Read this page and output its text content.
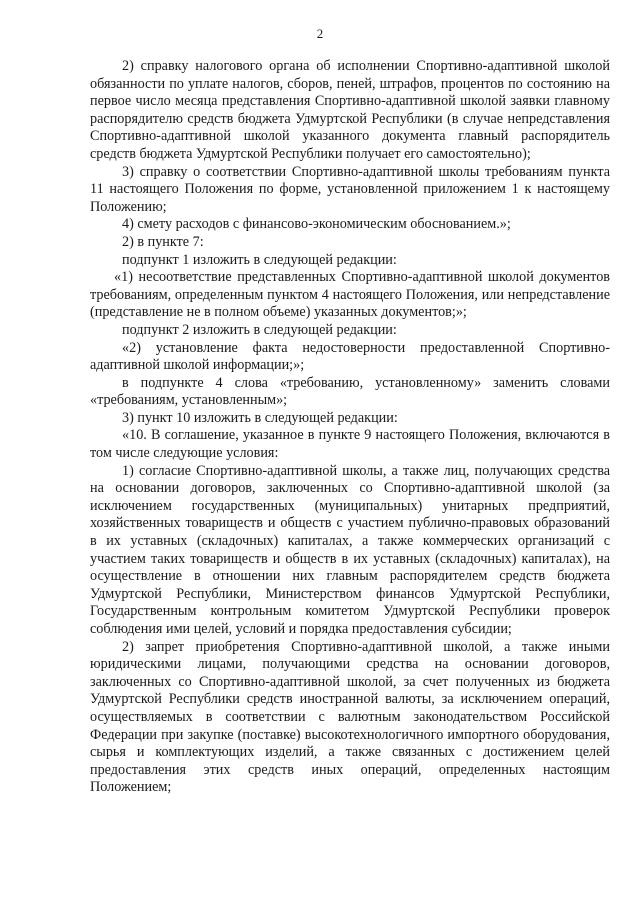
2

2) справку налогового органа об исполнении Спортивно-адаптивной школой обязанности по уплате налогов, сборов, пеней, штрафов, процентов по состоянию на первое число месяца представления Спортивно-адаптивной школой заявки главному распорядителю средств бюджета Удмуртской Республики (в случае непредставления Спортивно-адаптивной школой указанного документа главный распорядитель средств бюджета Удмуртской Республики получает его самостоятельно);

3) справку о соответствии Спортивно-адаптивной школы требованиям пункта 11 настоящего Положения по форме, установленной приложением 1 к настоящему Положению;

4) смету расходов с финансово-экономическим обоснованием.»;

2) в пункте 7:

подпункт 1 изложить в следующей редакции:

«1) несоответствие представленных Спортивно-адаптивной школой документов требованиям, определенным пунктом 4 настоящего Положения, или непредставление (представление не в полном объеме) указанных документов;»;

подпункт 2 изложить в следующей редакции:

«2) установление факта недостоверности предоставленной Спортивно-адаптивной школой информации;»;

в подпункте 4 слова «требованию, установленному» заменить словами «требованиям, установленным»;

3) пункт 10 изложить в следующей редакции:

«10. В соглашение, указанное в пункте 9 настоящего Положения, включаются в том числе следующие условия:

1) согласие Спортивно-адаптивной школы, а также лиц, получающих средства на основании договоров, заключенных со Спортивно-адаптивной школой (за исключением государственных (муниципальных) унитарных предприятий, хозяйственных товариществ и обществ с участием публично-правовых образований в их уставных (складочных) капиталах, а также коммерческих организаций с участием таких товариществ и обществ в их уставных (складочных) капиталах), на осуществление в отношении них главным распорядителем средств бюджета Удмуртской Республики, Министерством финансов Удмуртской Республики, Государственным контрольным комитетом Удмуртской Республики проверок соблюдения ими целей, условий и порядка предоставления субсидии;

2) запрет приобретения Спортивно-адаптивной школой, а также иными юридическими лицами, получающими средства на основании договоров, заключенных со Спортивно-адаптивной школой, за счет полученных из бюджета Удмуртской Республики средств иностранной валюты, за исключением операций, осуществляемых в соответствии с валютным законодательством Российской Федерации при закупке (поставке) высокотехнологичного импортного оборудования, сырья и комплектующих изделий, а также связанных с достижением целей предоставления этих средств иных операций, определенных настоящим Положением;
